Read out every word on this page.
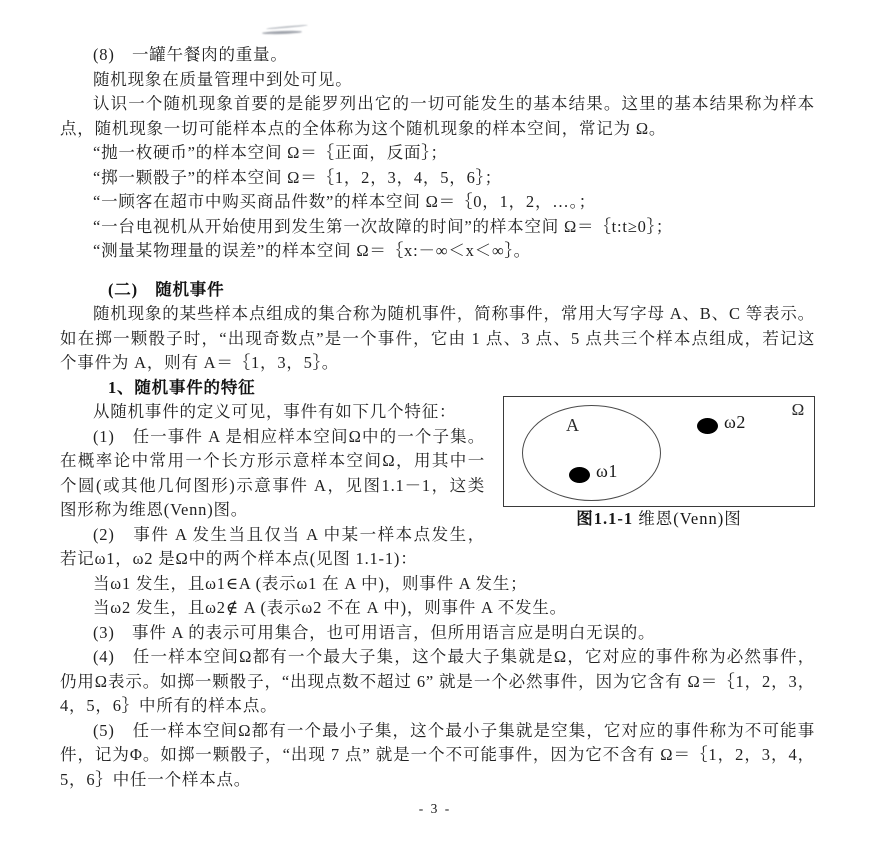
(8)　一罐午餐肉的重量。

随机现象在质量管理中到处可见。

认识一个随机现象首要的是能罗列出它的一切可能发生的基本结果。这里的基本结果称为样本点，随机现象一切可能样本点的全体称为这个随机现象的样本空间，常记为 Ω。

“抛一枚硬币”的样本空间 Ω＝｛正面，反面｝；

“掷一颗骰子”的样本空间 Ω＝｛1，2，3，4，5，6｝；

“一顾客在超市中购买商品件数”的样本空间 Ω＝｛0，1，2，…。；

“一台电视机从开始使用到发生第一次故障的时间”的样本空间 Ω＝｛t:t≥0｝；

“测量某物理量的误差”的样本空间 Ω＝｛x:－∞＜x＜∞｝。

(二)　随机事件

随机现象的某些样本点组成的集合称为随机事件，简称事件，常用大写字母 A、B、C 等表示。如在掷一颗骰子时，“出现奇数点”是一个事件，它由 1 点、3 点、5 点共三个样本点组成，若记这个事件为 A，则有 A＝｛1，3，5｝。

1、随机事件的特征

Ω
A
ω1
ω2

图1.1-1 维恩(Venn)图

从随机事件的定义可见，事件有如下几个特征：

(1)　任一事件 A 是相应样本空间Ω中的一个子集。在概率论中常用一个长方形示意样本空间Ω，用其中一个圆(或其他几何图形)示意事件 A，见图1.1－1，这类图形称为维恩(Venn)图。

(2)　事件 A 发生当且仅当 A 中某一样本点发生，若记ω1，ω2 是Ω中的两个样本点(见图 1.1-1)：

当ω1 发生，且ω1∈A (表示ω1 在 A 中)，则事件 A 发生；

当ω2 发生，且ω2∉ A (表示ω2 不在 A 中)，则事件 A 不发生。

(3)　事件 A 的表示可用集合，也可用语言，但所用语言应是明白无误的。

(4)　任一样本空间Ω都有一个最大子集，这个最大子集就是Ω，它对应的事件称为必然事件，仍用Ω表示。如掷一颗骰子，“出现点数不超过 6” 就是一个必然事件，因为它含有 Ω＝｛1，2，3，4，5，6｝中所有的样本点。

(5)　任一样本空间Ω都有一个最小子集，这个最小子集就是空集，它对应的事件称为不可能事件，记为Φ。如掷一颗骰子，“出现 7 点” 就是一个不可能事件，因为它不含有 Ω＝｛1，2，3，4，5，6｝中任一个样本点。

- 3 -
